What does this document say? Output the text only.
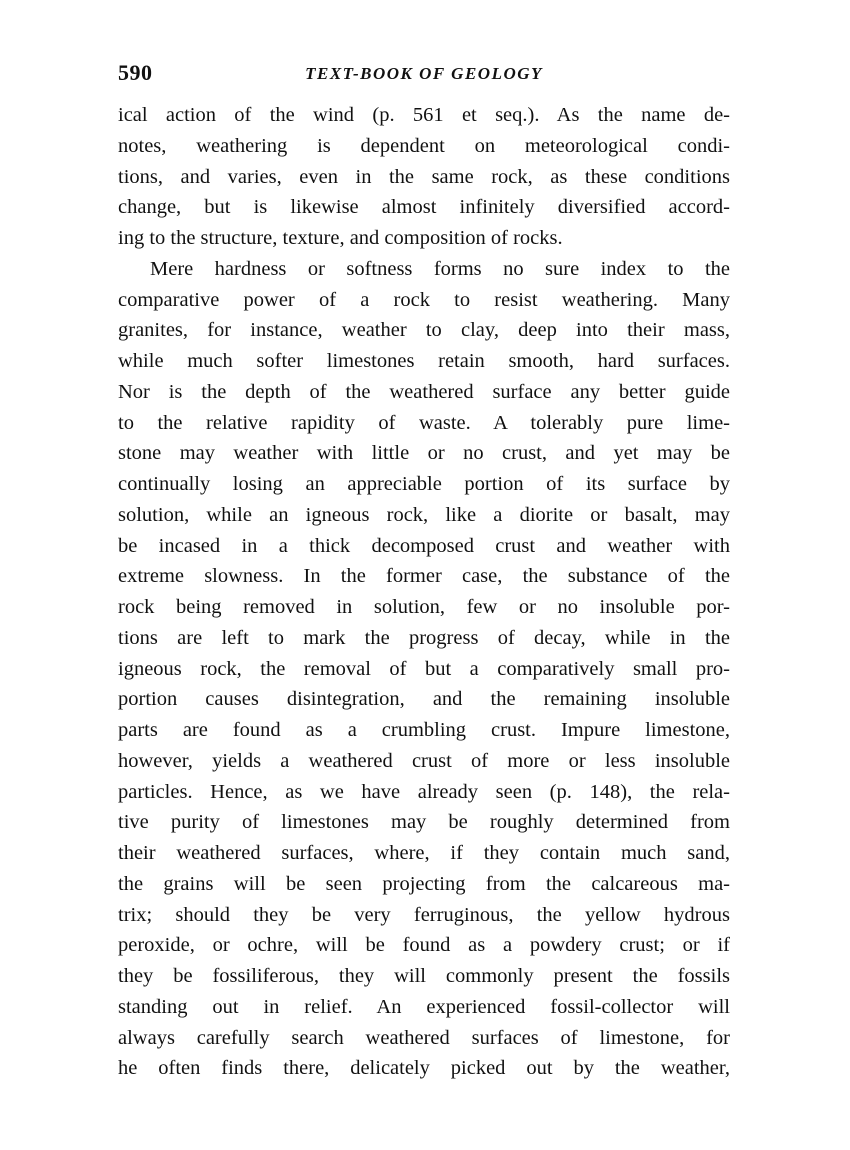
590	TEXT-BOOK OF GEOLOGY
ical action of the wind (p. 561 et seq.). As the name de-
notes, weathering is dependent on meteorological condi-
tions, and varies, even in the same rock, as these conditions
change, but is likewise almost infinitely diversified accord-
ing to the structure, texture, and composition of rocks.
Mere hardness or softness forms no sure index to the
comparative power of a rock to resist weathering. Many
granites, for instance, weather to clay, deep into their mass,
while much softer limestones retain smooth, hard surfaces.
Nor is the depth of the weathered surface any better guide
to the relative rapidity of waste. A tolerably pure lime-
stone may weather with little or no crust, and yet may be
continually losing an appreciable portion of its surface by
solution, while an igneous rock, like a diorite or basalt, may
be incased in a thick decomposed crust and weather with
extreme slowness. In the former case, the substance of the
rock being removed in solution, few or no insoluble por-
tions are left to mark the progress of decay, while in the
igneous rock, the removal of but a comparatively small pro-
portion causes disintegration, and the remaining insoluble
parts are found as a crumbling crust. Impure limestone,
however, yields a weathered crust of more or less insoluble
particles. Hence, as we have already seen (p. 148), the rela-
tive purity of limestones may be roughly determined from
their weathered surfaces, where, if they contain much sand,
the grains will be seen projecting from the calcareous ma-
trix; should they be very ferruginous, the yellow hydrous
peroxide, or ochre, will be found as a powdery crust; or if
they be fossiliferous, they will commonly present the fossils
standing out in relief. An experienced fossil-collector will
always carefully search weathered surfaces of limestone, for
he often finds there, delicately picked out by the weather,
